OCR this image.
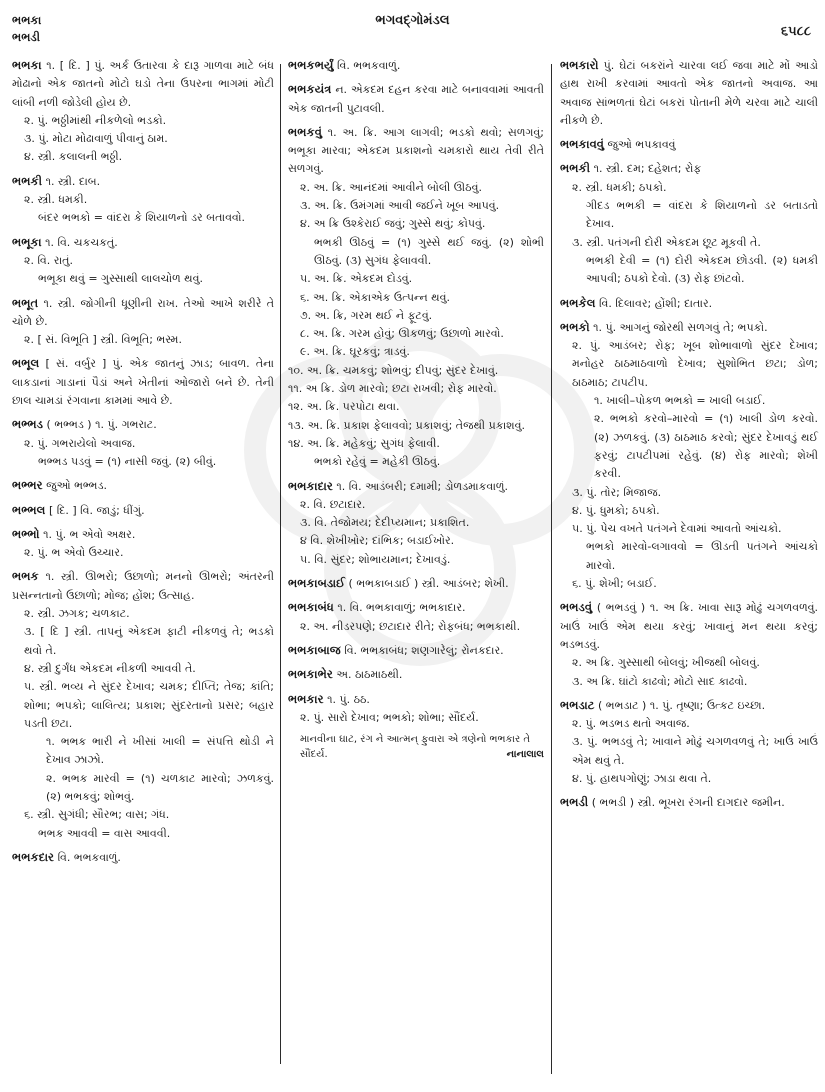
ભભકા
ભભડી
ભગવદ્ગોમંડલ
૬૫૮૮
ભભકા ૧. [ દિ. ] પું. અર્ક ઉતારવા કે દારૂ ગાળવા માટે બંધ મોઢાનો એક જાતનો મોટો ઘડો તેના ઉપરના ભાગમાં મોટી લાંબી નળી જોડેલી હોય છે.
૨. પું. ભઠ્ઠીમાંથી નીકળેલો ભડકો.
૩. પું. મોટા મોઢાવાળું પીવાનું ઠામ.
૪. સ્ત્રી. કલાલની ભઠ્ઠી.
ભભકી ૧. સ્ત્રી. દાબ.
૨. સ્ત્રી. ધમકી.
બંદર ભભકો = વાંદરા કે શિયાળનો ડર બતાવવો.
ભભૂકા ૧. વિ. ચકચકતું.
૨. વિ. રાતું.
ભભૂકા થવું = ગુસ્સાથી લાલચોળ થવું.
ભભૂત ૧. સ્ત્રી. જોગીની ધૂણીની રાખ. તેઓ આખે શરીરે તે ચોળે છે.
૨. [ સં. વિભૂતિ ] સ્ત્રી. વિભૂતિ; ભસ્મ.
ભભૂલ [ સં. વર્બુર ] પું. એક જાતનું ઝાડ; બાવળ. તેના લાકડાનાં ગાડાનાં પૈડાં અને ખેતીનાં ઓજારો બને છે. તેની છાલ ચામડાં રંગવાના કામમાં આવે છે.
ભભ્ભડ ( ભભ્ભડ ) ૧. પું. ગભરાટ.
૨. પું. ગભરાયેલો અવાજ.
ભભ્ભડ પડવું = (૧) નાસી જવું. (૨) બીવું.
ભભ્ભર જુઓ ભભ્ભડ.
ભભ્ભલ [ દિ. ] વિ. જાડું; ધીંગું.
ભભ્ભો ૧. પું. ભ એવો અક્ષર.
૨. પું. ભ એવો ઉચ્ચાર.
ભભક ૧. સ્ત્રી. ઊભરો; ઉછાળો; મનનો ઊભરો; અંતરની પ્રસન્નતાનો ઉછાળો; મોજ; હોંશ; ઉત્સાહ.
૨. સ્ત્રી. ઝગક; ચળકાટ.
૩. [ દિ ] સ્ત્રી. તાપનું એકદમ ફાટી નીકળવું તે; ભડકો થવો તે.
૪. સ્ત્રી દુર્ગંધ એકદમ નીકળી આવવી તે.
૫. સ્ત્રી. ભવ્ય ને સુંદર દેખાવ; ચમક; દીપ્તિ; તેજ; કાંતિ; શોભા; ભપકો; લાલિત્ય; પ્રકાશ; સુંદરતાનો પ્રસર; બહાર પડતી છટા.
૧. ભભક ભારી ને ખીસાં ખાલી = સંપત્તિ થોડી ને દેખાવ ઝાઝો.
૨. ભભક મારવી = (૧) ચળકાટ મારવો; ઝળકવું. (૨) ભભકવું; શોભવું.
૬. સ્ત્રી. સુગંધી; સૌરભ; વાસ; ગંધ.
ભભક આવવી = વાસ આવવી.
ભભકદાર વિ. ભભકવાળું.
ભભકભર્યું વિ. ભભકવાળું.
ભભકયંત્ર ન. એકદમ દહન કરવા માટે બનાવવામાં આવતી એક જાતની પુટાવલી.
ભભકવું ૧. અ. ક્રિ. આગ લાગવી; ભડકો થવો; સળગવું; ભભૂકા મારવા; એકદમ પ્રકાશનો ચમકારો થાય તેવી રીતે સળગવું.
૨. અ. ક્રિ. આનંદમાં આવીને બોલી ઊઠવું.
૩. અ. ક્રિ. ઉમંગમાં આવી જઈને ખૂબ આપવું.
૪. અ ક્રિ ઉશ્કેરાઈ જવું; ગુસ્સે થવું; કોપવું.
ભભકી ઊઠવું = (૧) ગુસ્સે થઈ જવું. (૨) શોભી ઊઠવું. (૩) સુગંધ ફેલાવવી.
૫. અ. ક્રિ. એકદમ દોડવું.
૬. અ. ક્રિ. એકાએક ઉત્પન્ન થવું.
૭. અ. ક્રિ, ગરમ થઈ ને ફૂટવું.
૮. અ. ક્રિ. ગરમ હોવું; ઊકળવું; ઉછાળો મારવો.
૯. અ. ક્રિ. ઘૂરકવું; ત્રાડવું.
૧૦. અ. ક્રિ. ચમકવું; શોભવું; દીપવું; સુંદર દેખાવું.
૧૧. અ ક્રિ. ડોળ મારવો; છટા રાખવી; રોફ મારવો.
૧૨. અ. ક્રિ. પરપોટા થવા.
૧૩. અ. ક્રિ. પ્રકાશ ફેલાવવો; પ્રકાશવું; તેજથી પ્રકાશવું.
૧૪. અ. ક્રિ. મહેકવું; સુગંધ ફેલાવી.
ભભકો રહેવું = મહેકી ઊઠવું.
ભભકાદાર ૧. વિ. આડંબરી; દમામી; ડોળડમાકવાળું.
૨. વિ. છટાદાર.
૩. વિ. તેજોમય; દેદીપ્યમાન; પ્રકાશિત.
૪ વિ. શેખીખોર; દાંભિક; બડાઈખોર.
૫. વિ. સુંદર; શોભાયમાન; દેખાવડું.
ભભકાબડાઈ ( ભભકાબડાઈ ) સ્ત્રી. આડંબર; શેખી.
ભભકાબંધ ૧. વિ. ભભકાવાળું; ભભકાદાર.
૨. અ. નીડરપણે; છટાદાર રીતે; રોફબંધ; ભભકાથી.
ભભકાબાજ વિ. ભભકાબંધ; શણગારેલું; રોનકદાર.
ભભકાભેર અ. ઠાઠમાઠથી.
ભભકાર ૧. પું. ઠઠ.
૨. પું. સારો દેખાવ; ભભકો; શોભા; સૌંદર્ય.
માનવીના ઘાટ, રંગ ને આત્મન્ ફુવારા એ ત્રણેનો ભભકાર તે સૌંદર્ય.	નાનાલાલ
ભભકારો પું. ઘેટાં બકરાંને ચારવા લઈ જવા માટે મોં આડો હાથ રાખી કરવામાં આવતો એક જાતનો અવાજ. આ અવાજ સાંભળતાં ઘેટાં બકરાં પોતાની મેળે ચરવા માટે ચાલી નીકળે છે.
ભભકાવવું જુઓ ભપકાવવું
ભભકી ૧. સ્ત્રી. દમ; દહેશત; રોફ
૨. સ્ત્રી. ધમકી; ઠપકો.
ગીદડ ભભકી = વાંદરા કે શિયાળનો ડર બતાડતો દેખાવ.
૩. સ્ત્રી. પતંગની દોરી એકદમ છૂટ મૂકવી તે.
ભભકી દેવી = (૧) દોરી એકદમ છોડવી. (૨) ધમકી આપવી; ઠપકો દેવો. (૩) રોફ છાંટવો.
ભભકેલ વિ. દિલાવર; હોંશી; દાતાર.
ભભકો ૧. પું. આગનું જોરથી સળગવું તે; ભપકો.
૨. પું. આડંબર; રોફ; ખૂબ શોભાવાળો સુંદર દેખાવ; મનોહર ઠાઠમાઠવાળો દેખાવ; સુશોભિત છટા; ડોળ; ઠાઠમાઠ; ટાપટીપ.
૧. ખાલી–પોકળ ભભકો = ખાલી બડાઈ.
૨. ભભકો કરવો–મારવો = (૧) ખાલી ડોળ કરવો. (૨) ઝળકવું. (૩) ઠાઠમાઠ કરવો; સુંદર દેખાવડું થઈ ફરવું; ટાપટીપમાં રહેવું. (૪) રોફ મારવો; શેખી કરવી.
૩. પું. તોર; મિજાજ.
૪. પું. ધુમકો; ઠપકો.
૫. પું. પેચ વખતે પતંગને દેવામાં આવતો આંચકો.
ભભકો મારવો-લગાવવો = ઊડતી પતંગને આંચકો મારવો.
૬. પું. શેખી; બડાઈ.
ભભડવું ( ભભડવું ) ૧. અ ક્રિ. ખાવા સારૂ મોઢું ચગળવળવું. ખાઉં ખાઉં એમ થયા કરવું; ખાવાનું મન થયા કરવું; ભડભડવું.
૨. અ ક્રિ. ગુસ્સાથી બોલવું; ખીજથી બોલવું.
૩. અ ક્રિ. ઘાંટો કાઢવો; મોટો સાદ કાઢવો.
ભભડાટ ( ભભડાટ ) ૧. પું. તૃષ્ણા; ઉત્કટ ઇચ્છા.
૨. પું. ભડભડ થતો અવાજ.
૩. પું. ભભડવું તે; ખાવાને મોઢું ચગળવળવું તે; ખાઉં ખાઉં એમ થવું તે.
૪. પું. હાથપગોણું; ઝાડા થવા તે.
ભભડી ( ભભડી ) સ્ત્રી. ભૂખરા રંગની દાગદાર જમીન.
